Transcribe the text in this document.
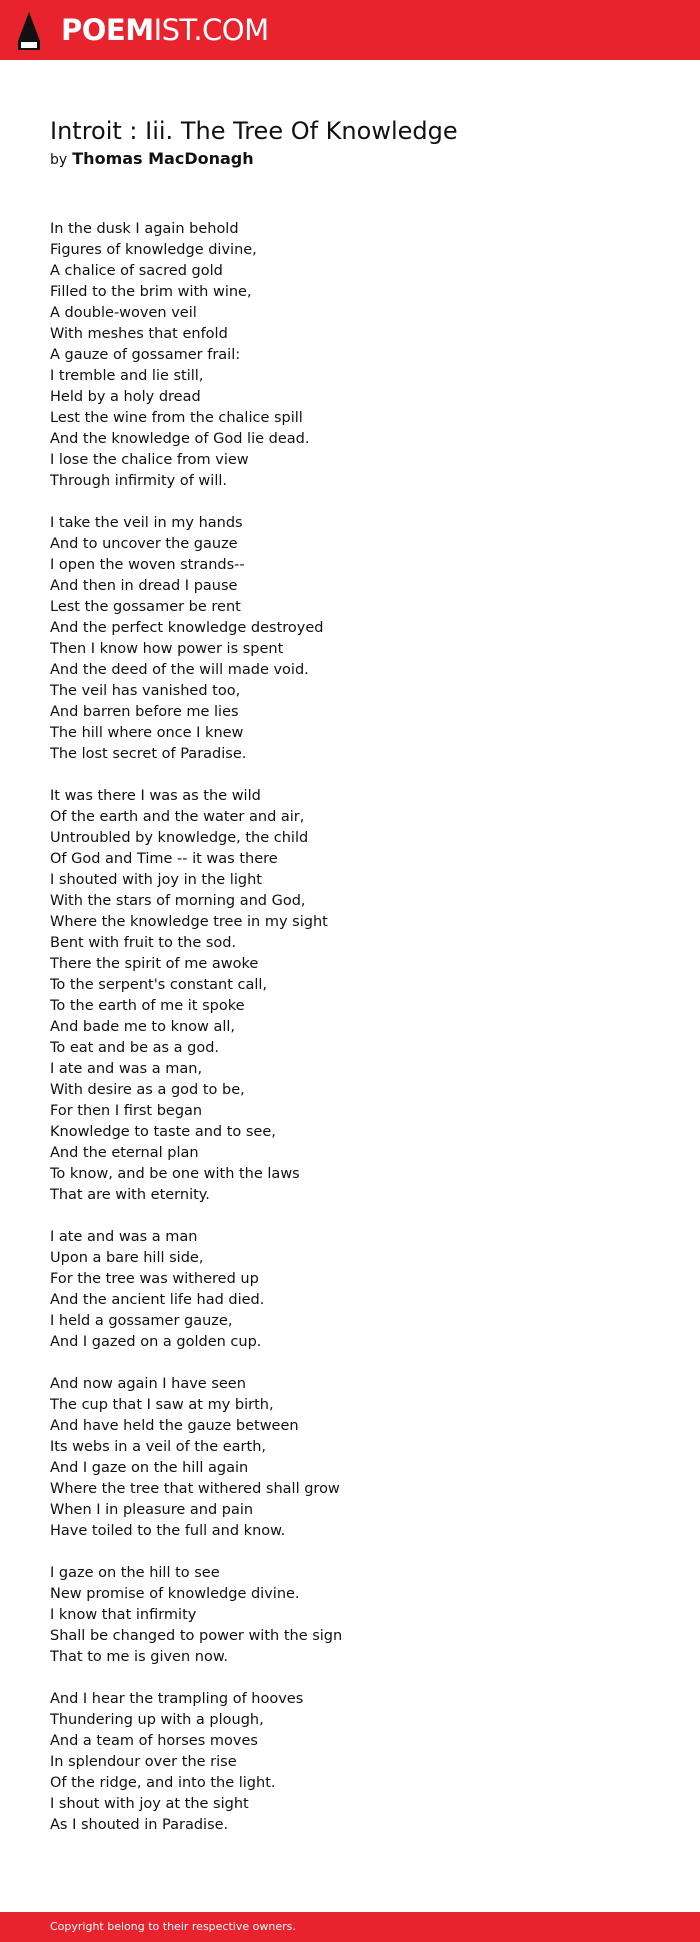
POEMIST.COM
Introit : Iii. The Tree Of Knowledge
by Thomas MacDonagh
In the dusk I again behold
Figures of knowledge divine,
A chalice of sacred gold
Filled to the brim with wine,
A double-woven veil
With meshes that enfold
A gauze of gossamer frail:
I tremble and lie still,
Held by a holy dread
Lest the wine from the chalice spill
And the knowledge of God lie dead.
I lose the chalice from view
Through infirmity of will.
I take the veil in my hands
And to uncover the gauze
I open the woven strands--
And then in dread I pause
Lest the gossamer be rent
And the perfect knowledge destroyed
Then I know how power is spent
And the deed of the will made void.
The veil has vanished too,
And barren before me lies
The hill where once I knew
The lost secret of Paradise.
It was there I was as the wild
Of the earth and the water and air,
Untroubled by knowledge, the child
Of God and Time -- it was there
I shouted with joy in the light
With the stars of morning and God,
Where the knowledge tree in my sight
Bent with fruit to the sod.
There the spirit of me awoke
To the serpent's constant call,
To the earth of me it spoke
And bade me to know all,
To eat and be as a god.
I ate and was a man,
With desire as a god to be,
For then I first began
Knowledge to taste and to see,
And the eternal plan
To know, and be one with the laws
That are with eternity.
I ate and was a man
Upon a bare hill side,
For the tree was withered up
And the ancient life had died.
I held a gossamer gauze,
And I gazed on a golden cup.
And now again I have seen
The cup that I saw at my birth,
And have held the gauze between
Its webs in a veil of the earth,
And I gaze on the hill again
Where the tree that withered shall grow
When I in pleasure and pain
Have toiled to the full and know.
I gaze on the hill to see
New promise of knowledge divine.
I know that infirmity
Shall be changed to power with the sign
That to me is given now.
And I hear the trampling of hooves
Thundering up with a plough,
And a team of horses moves
In splendour over the rise
Of the ridge, and into the light.
I shout with joy at the sight
As I shouted in Paradise.
Copyright belong to their respective owners.
